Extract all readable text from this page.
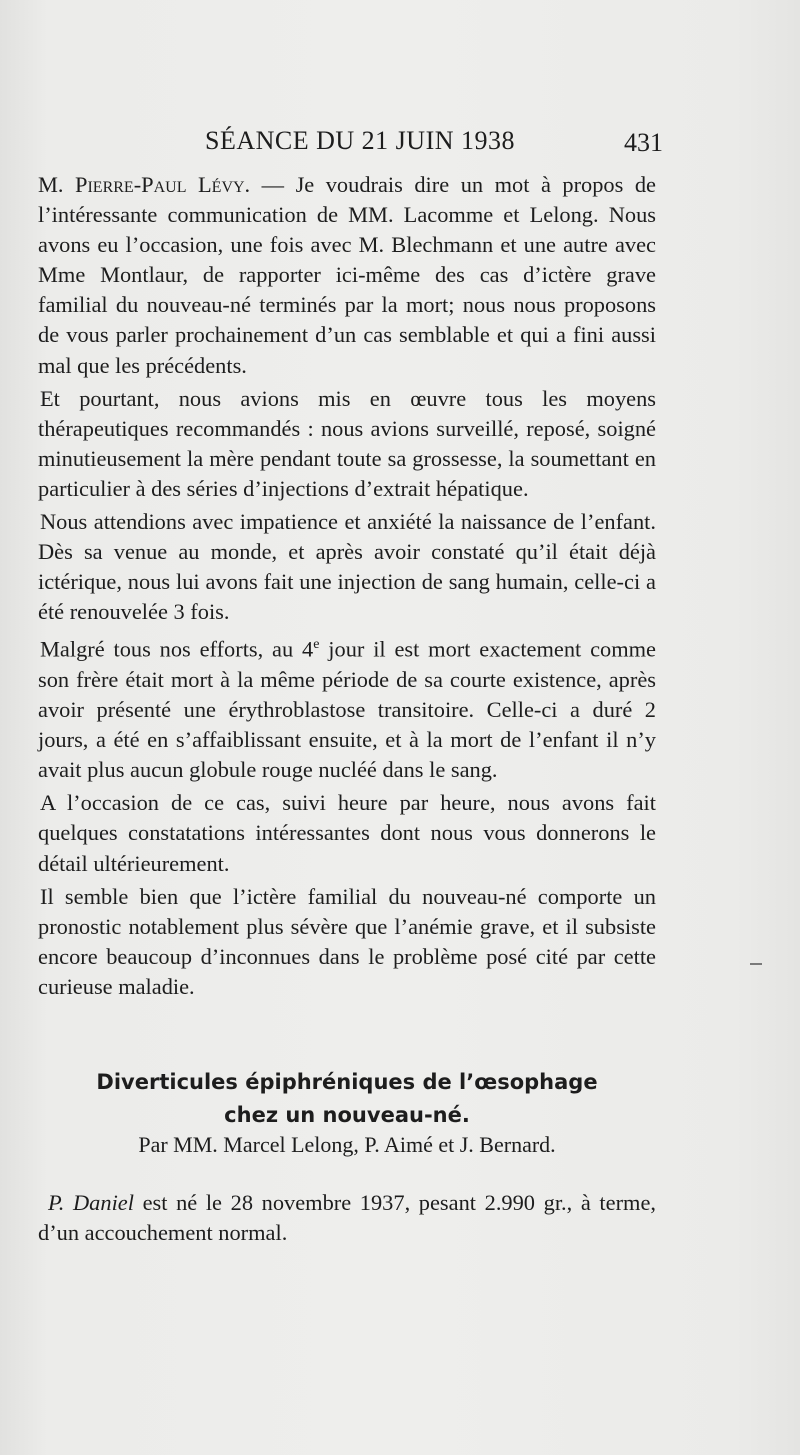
SÉANCE DU 21 JUIN 1938	431

M. Pierre-Paul Lévy. — Je voudrais dire un mot à propos de l’intéressante communication de MM. Lacomme et Lelong. Nous avons eu l’occasion, une fois avec M. Blechmann et une autre avec Mme Montlaur, de rapporter ici-même des cas d’ictère grave familial du nouveau-né terminés par la mort; nous nous proposons de vous parler prochainement d’un cas semblable et qui a fini aussi mal que les précédents.

Et pourtant, nous avions mis en œuvre tous les moyens thérapeutiques recommandés : nous avions surveillé, reposé, soigné minutieusement la mère pendant toute sa grossesse, la soumettant en particulier à des séries d’injections d’extrait hépatique.

Nous attendions avec impatience et anxiété la naissance de l’enfant. Dès sa venue au monde, et après avoir constaté qu’il était déjà ictérique, nous lui avons fait une injection de sang humain, celle-ci a été renouvelée 3 fois.

Malgré tous nos efforts, au 4e jour il est mort exactement comme son frère était mort à la même période de sa courte existence, après avoir présenté une érythroblastose transitoire. Celle-ci a duré 2 jours, a été en s’affaiblissant ensuite, et à la mort de l’enfant il n’y avait plus aucun globule rouge nucléé dans le sang.

A l’occasion de ce cas, suivi heure par heure, nous avons fait quelques constatations intéressantes dont nous vous donnerons le détail ultérieurement.

Il semble bien que l’ictère familial du nouveau-né comporte un pronostic notablement plus sévère que l’anémie grave, et il subsiste encore beaucoup d’inconnues dans le problème posé cité par cette curieuse maladie.

Diverticules épiphréniques de l’œsophage
chez un nouveau-né.
Par MM. Marcel Lelong, P. Aimé et J. Bernard.

P. Daniel est né le 28 novembre 1937, pesant 2.990 gr., à terme, d’un accouchement normal.
